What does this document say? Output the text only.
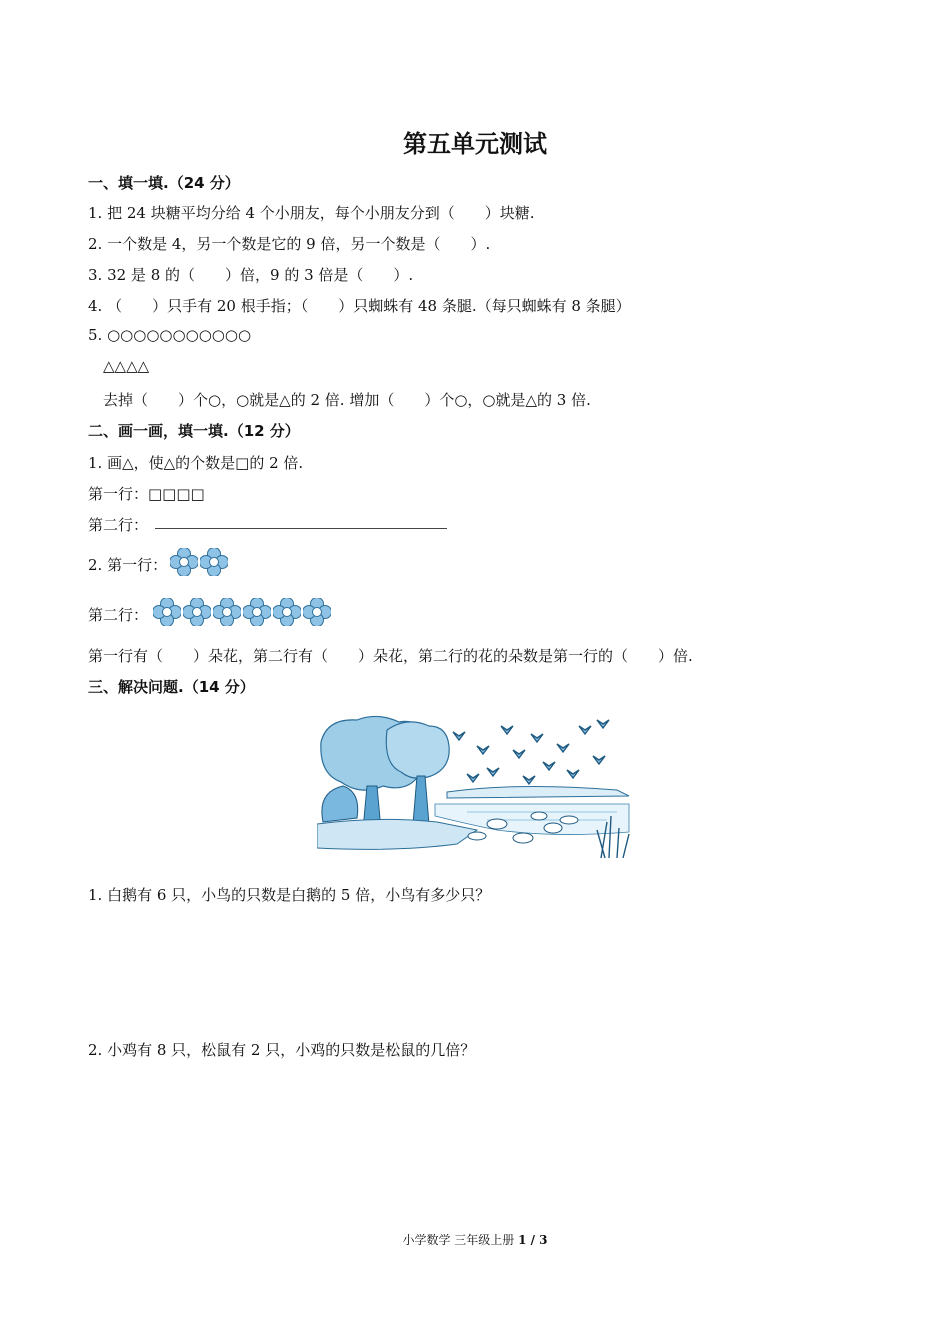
第五单元测试
一、填一填.（24 分）
1. 把 24 块糖平均分给 4 个小朋友，每个小朋友分到（　　）块糖.
2. 一个数是 4，另一个数是它的 9 倍，另一个数是（　　）.
3. 32 是 8 的（　　）倍，9 的 3 倍是（　　）.
4. （　　）只手有 20 根手指；（　　）只蜘蛛有 48 条腿.（每只蜘蛛有 8 条腿）
5. ○○○○○○○○○○○
△△△△
去掉（　　）个○，○就是△的 2 倍. 增加（　　）个○，○就是△的 3 倍.
二、画一画，填一填.（12 分）
1. 画△，使△的个数是□的 2 倍.
第一行：□□□□
第二行：
2. 第一行：
第二行：
第一行有（　　）朵花，第二行有（　　）朵花，第二行的花的朵数是第一行的（　　）倍.
三、解决问题.（14 分）
1. 白鹅有 6 只，小鸟的只数是白鹅的 5 倍，小鸟有多少只？
2. 小鸡有 8 只，松鼠有 2 只，小鸡的只数是松鼠的几倍？
小学数学 三年级上册 1 / 3
